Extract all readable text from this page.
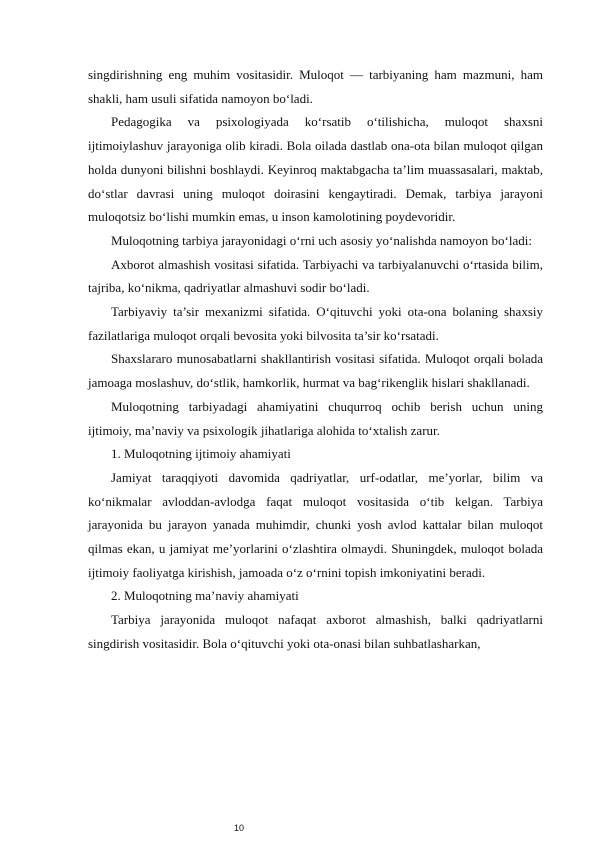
singdirishning eng muhim vositasidir. Muloqot — tarbiyaning ham mazmuni, ham shakli, ham usuli sifatida namoyon bo‘ladi.

Pedagogika va psixologiyada ko‘rsatib o‘tilishicha, muloqot shaxsni ijtimoiylashuv jarayoniga olib kiradi. Bola oilada dastlab ona-ota bilan muloqot qilgan holda dunyoni bilishni boshlaydi. Keyinroq maktabgacha ta’lim muassasalari, maktab, do‘stlar davrasi uning muloqot doirasini kengaytiradi. Demak, tarbiya jarayoni muloqotsiz bo‘lishi mumkin emas, u inson kamolotining poydevoridir.

Muloqotning tarbiya jarayonidagi o‘rni uch asosiy yo‘nalishda namoyon bo‘ladi:

Axborot almashish vositasi sifatida. Tarbiyachi va tarbiyalanuvchi o‘rtasida bilim, tajriba, ko‘nikma, qadriyatlar almashuvi sodir bo‘ladi.

Tarbiyaviy ta’sir mexanizmi sifatida. O‘qituvchi yoki ota-ona bolaning shaxsiy fazilatlariga muloqot orqali bevosita yoki bilvosita ta’sir ko‘rsatadi.

Shaxslararo munosabatlarni shakllantirish vositasi sifatida. Muloqot orqali bolada jamoaga moslashuv, do‘stlik, hamkorlik, hurmat va bag‘rikenglik hislari shakllanadi.

Muloqotning tarbiyadagi ahamiyatini chuqurroq ochib berish uchun uning ijtimoiy, ma’naviy va psixologik jihatlariga alohida to‘xtalish zarur.

1. Muloqotning ijtimoiy ahamiyati

Jamiyat taraqqiyoti davomida qadriyatlar, urf-odatlar, me’yorlar, bilim va ko‘nikmalar avloddan-avlodga faqat muloqot vositasida o‘tib kelgan. Tarbiya jarayonida bu jarayon yanada muhimdir, chunki yosh avlod kattalar bilan muloqot qilmas ekan, u jamiyat me’yorlarini o‘zlashtira olmaydi. Shuningdek, muloqot bolada ijtimoiy faoliyatga kirishish, jamoada o‘z o‘rnini topish imkoniyatini beradi.

2. Muloqotning ma’naviy ahamiyati

Tarbiya jarayonida muloqot nafaqat axborot almashish, balki qadriyatlarni singdirish vositasidir. Bola o‘qituvchi yoki ota-onasi bilan suhbatlasharkan,

10
